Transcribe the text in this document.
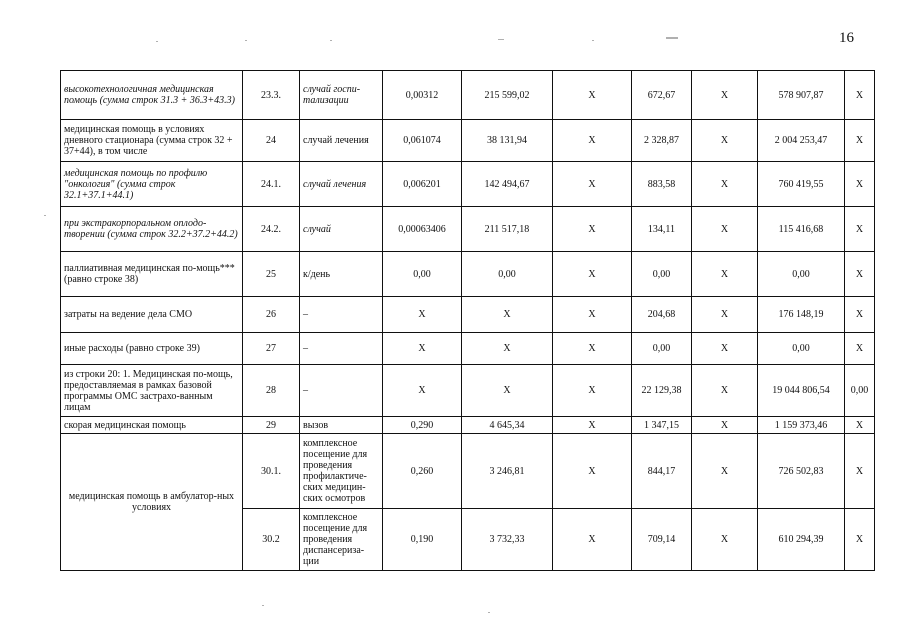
16
высокотехнологичная медицинская помощь (сумма строк 31.3 + 36.3+43.3)	23.3.	случай госпи-тализации	0,00312	215 599,02	X	672,67	X	578 907,87	X
медицинская помощь в условиях дневного стационара (сумма строк 32 + 37+44), в том числе	24	случай лечения	0,061074	38 131,94	X	2 328,87	X	2 004 253,47	X
медицинская помощь по профилю "онкология" (сумма строк 32.1+37.1+44.1)	24.1.	случай лечения	0,006201	142 494,67	X	883,58	X	760 419,55	X
при экстракорпоральном оплодо-творении (сумма строк 32.2+37.2+44.2)	24.2.	случай	0,00063406	211 517,18	X	134,11	X	115 416,68	X
паллиативная медицинская по-мощь*** (равно строке 38)	25	к/день	0,00	0,00	X	0,00	X	0,00	X
затраты на ведение дела СМО	26	–	X	X	X	204,68	X	176 148,19	X
иные расходы (равно строке 39)	27	–	X	X	X	0,00	X	0,00	X
из строки 20: 1. Медицинская по-мощь, предоставляемая в рамках базовой программы ОМС застрахо-ванным лицам	28	–	X	X	X	22 129,38	X	19 044 806,54	0,00
скорая медицинская помощь	29	вызов	0,290	4 645,34	X	1 347,15	X	1 159 373,46	X
медицинская помощь в амбулатор-ных условиях	30.1.	комплексное посещение для проведения профилактиче-ских медицин-ских осмотров	0,260	3 246,81	X	844,17	X	726 502,83	X
	30.2	комплексное посещение для проведения диспансериза-ции	0,190	3 732,33	X	709,14	X	610 294,39	X
